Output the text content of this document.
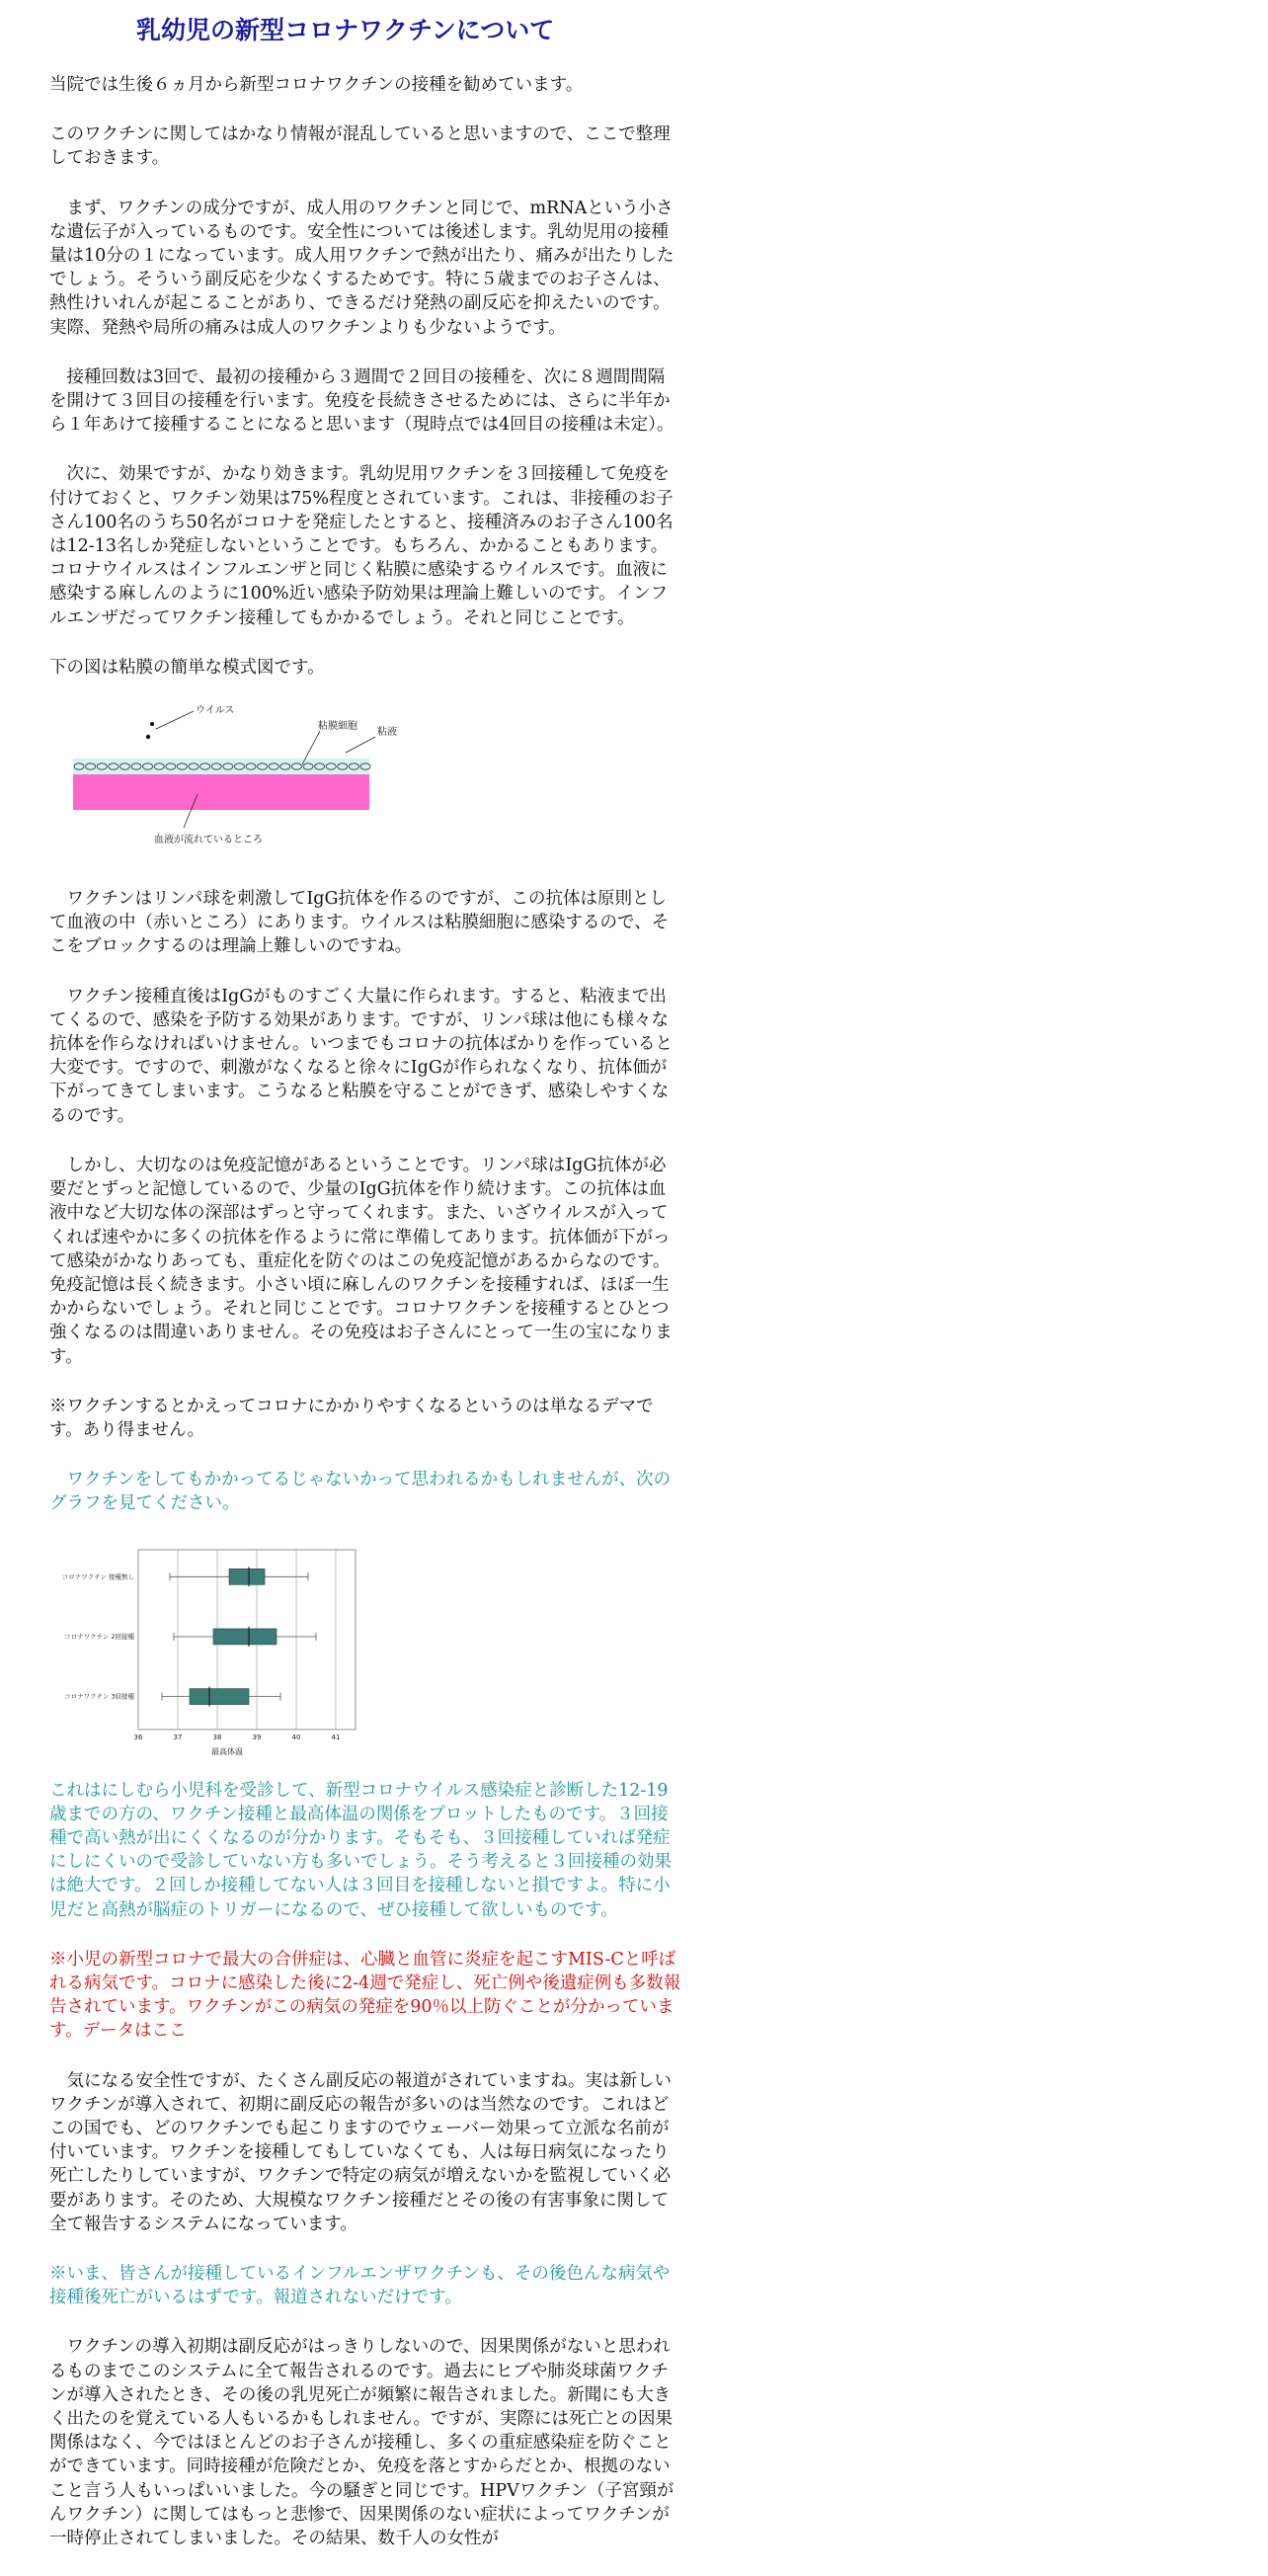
乳幼児の新型コロナワクチンについて

当院では生後６ヵ月から新型コロナワクチンの接種を勧めています。

このワクチンに関してはかなり情報が混乱していると思いますので、ここで整理しておきます。

　まず、ワクチンの成分ですが、成人用のワクチンと同じで、mRNAという小さな遺伝子が入っているものです。安全性については後述します。乳幼児用の接種量は10分の１になっています。成人用ワクチンで熱が出たり、痛みが出たりしたでしょう。そういう副反応を少なくするためです。特に５歳までのお子さんは、熱性けいれんが起こることがあり、できるだけ発熱の副反応を抑えたいのです。実際、発熱や局所の痛みは成人のワクチンよりも少ないようです。

　接種回数は3回で、最初の接種から３週間で２回目の接種を、次に８週間間隔を開けて３回目の接種を行います。免疫を長続きさせるためには、さらに半年から１年あけて接種することになると思います（現時点では4回目の接種は未定）。

　次に、効果ですが、かなり効きます。乳幼児用ワクチンを３回接種して免疫を付けておくと、ワクチン効果は75%程度とされています。これは、非接種のお子さん100名のうち50名がコロナを発症したとすると、接種済みのお子さん100名は12-13名しか発症しないということです。もちろん、かかることもあります。コロナウイルスはインフルエンザと同じく粘膜に感染するウイルスです。血液に感染する麻しんのように100%近い感染予防効果は理論上難しいのです。インフルエンザだってワクチン接種してもかかるでしょう。それと同じことです。

下の図は粘膜の簡単な模式図です。

ウイルス
粘膜細胞
粘液
血液が流れているところ

　ワクチンはリンパ球を刺激してIgG抗体を作るのですが、この抗体は原則として血液の中（赤いところ）にあります。ウイルスは粘膜細胞に感染するので、そこをブロックするのは理論上難しいのですね。

　ワクチン接種直後はIgGがものすごく大量に作られます。すると、粘液まで出てくるので、感染を予防する効果があります。ですが、リンパ球は他にも様々な抗体を作らなければいけません。いつまでもコロナの抗体ばかりを作っていると大変です。ですので、刺激がなくなると徐々にIgGが作られなくなり、抗体価が下がってきてしまいます。こうなると粘膜を守ることができず、感染しやすくなるのです。

　しかし、大切なのは免疫記憶があるということです。リンパ球はIgG抗体が必要だとずっと記憶しているので、少量のIgG抗体を作り続けます。この抗体は血液中など大切な体の深部はずっと守ってくれます。また、いざウイルスが入ってくれば速やかに多くの抗体を作るように常に準備してあります。抗体価が下がって感染がかなりあっても、重症化を防ぐのはこの免疫記憶があるからなのです。免疫記憶は長く続きます。小さい頃に麻しんのワクチンを接種すれば、ほぼ一生かからないでしょう。それと同じことです。コロナワクチンを接種するとひとつ強くなるのは間違いありません。その免疫はお子さんにとって一生の宝になります。

※ワクチンするとかえってコロナにかかりやすくなるというのは単なるデマです。あり得ません。

　ワクチンをしてもかかってるじゃないかって思われるかもしれませんが、次のグラフを見てください。

コロナワクチン 接種無し
コロナワクチン 2回接種
コロナワクチン 3回接種
36	37	38	39	40	41
最高体温

これはにしむら小児科を受診して、新型コロナウイルス感染症と診断した12-19歳までの方の、ワクチン接種と最高体温の関係をプロットしたものです。３回接種で高い熱が出にくくなるのが分かります。そもそも、３回接種していれば発症にしにくいので受診していない方も多いでしょう。そう考えると３回接種の効果は絶大です。２回しか接種してない人は３回目を接種しないと損ですよ。特に小児だと高熱が脳症のトリガーになるので、ぜひ接種して欲しいものです。

※小児の新型コロナで最大の合併症は、心臓と血管に炎症を起こすMIS-Cと呼ばれる病気です。コロナに感染した後に2-4週で発症し、死亡例や後遺症例も多数報告されています。ワクチンがこの病気の発症を90％以上防ぐことが分かっています。データはここ

　気になる安全性ですが、たくさん副反応の報道がされていますね。実は新しいワクチンが導入されて、初期に副反応の報告が多いのは当然なのです。これはどこの国でも、どのワクチンでも起こりますのでウェーバー効果って立派な名前が付いています。ワクチンを接種してもしていなくても、人は毎日病気になったり死亡したりしていますが、ワクチンで特定の病気が増えないかを監視していく必要があります。そのため、大規模なワクチン接種だとその後の有害事象に関して全て報告するシステムになっています。

※いま、皆さんが接種しているインフルエンザワクチンも、その後色んな病気や接種後死亡がいるはずです。報道されないだけです。

　ワクチンの導入初期は副反応がはっきりしないので、因果関係がないと思われるものまでこのシステムに全て報告されるのです。過去にヒブや肺炎球菌ワクチンが導入されたとき、その後の乳児死亡が頻繁に報告されました。新聞にも大きく出たのを覚えている人もいるかもしれません。ですが、実際には死亡との因果関係はなく、今ではほとんどのお子さんが接種し、多くの重症感染症を防ぐことができています。同時接種が危険だとか、免疫を落とすからだとか、根拠のないこと言う人もいっぱいいました。今の騒ぎと同じです。HPVワクチン（子宮頸がんワクチン）に関してはもっと悲惨で、因果関係のない症状によってワクチンが一時停止されてしまいました。その結果、数千人の女性が
